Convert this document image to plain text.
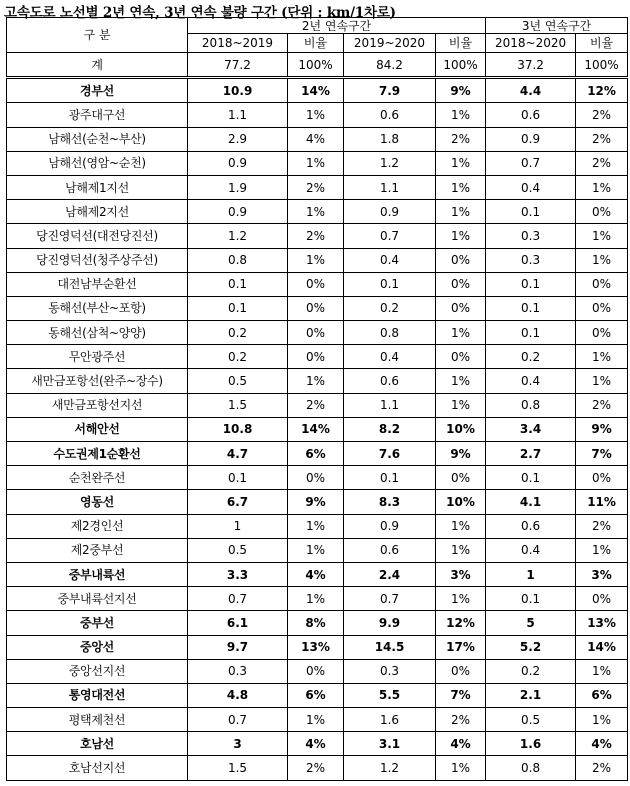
고속도로 노선별 2년 연속, 3년 연속 불량 구간 (단위 : km/1차로)
구 분	2년 연속구간				3년 연속구간	
	2018~2019	비율	2019~2020	비율	2018~2020	비율
계	77.2	100%	84.2	100%	37.2	100%
경부선	10.9	14%	7.9	9%	4.4	12%
광주대구선	1.1	1%	0.6	1%	0.6	2%
남해선(순천~부산)	2.9	4%	1.8	2%	0.9	2%
남해선(영암~순천)	0.9	1%	1.2	1%	0.7	2%
남해제1지선	1.9	2%	1.1	1%	0.4	1%
남해제2지선	0.9	1%	0.9	1%	0.1	0%
당진영덕선(대전당진선)	1.2	2%	0.7	1%	0.3	1%
당진영덕선(청주상주선)	0.8	1%	0.4	0%	0.3	1%
대전남부순환선	0.1	0%	0.1	0%	0.1	0%
동해선(부산~포항)	0.1	0%	0.2	0%	0.1	0%
동해선(삼척~양양)	0.2	0%	0.8	1%	0.1	0%
무안광주선	0.2	0%	0.4	0%	0.2	1%
새만금포항선(완주~장수)	0.5	1%	0.6	1%	0.4	1%
새만금포항선지선	1.5	2%	1.1	1%	0.8	2%
서해안선	10.8	14%	8.2	10%	3.4	9%
수도권제1순환선	4.7	6%	7.6	9%	2.7	7%
순천완주선	0.1	0%	0.1	0%	0.1	0%
영동선	6.7	9%	8.3	10%	4.1	11%
제2경인선	1	1%	0.9	1%	0.6	2%
제2중부선	0.5	1%	0.6	1%	0.4	1%
중부내륙선	3.3	4%	2.4	3%	1	3%
중부내륙선지선	0.7	1%	0.7	1%	0.1	0%
중부선	6.1	8%	9.9	12%	5	13%
중앙선	9.7	13%	14.5	17%	5.2	14%
중앙선지선	0.3	0%	0.3	0%	0.2	1%
통영대전선	4.8	6%	5.5	7%	2.1	6%
평택제천선	0.7	1%	1.6	2%	0.5	1%
호남선	3	4%	3.1	4%	1.6	4%
호남선지선	1.5	2%	1.2	1%	0.8	2%
